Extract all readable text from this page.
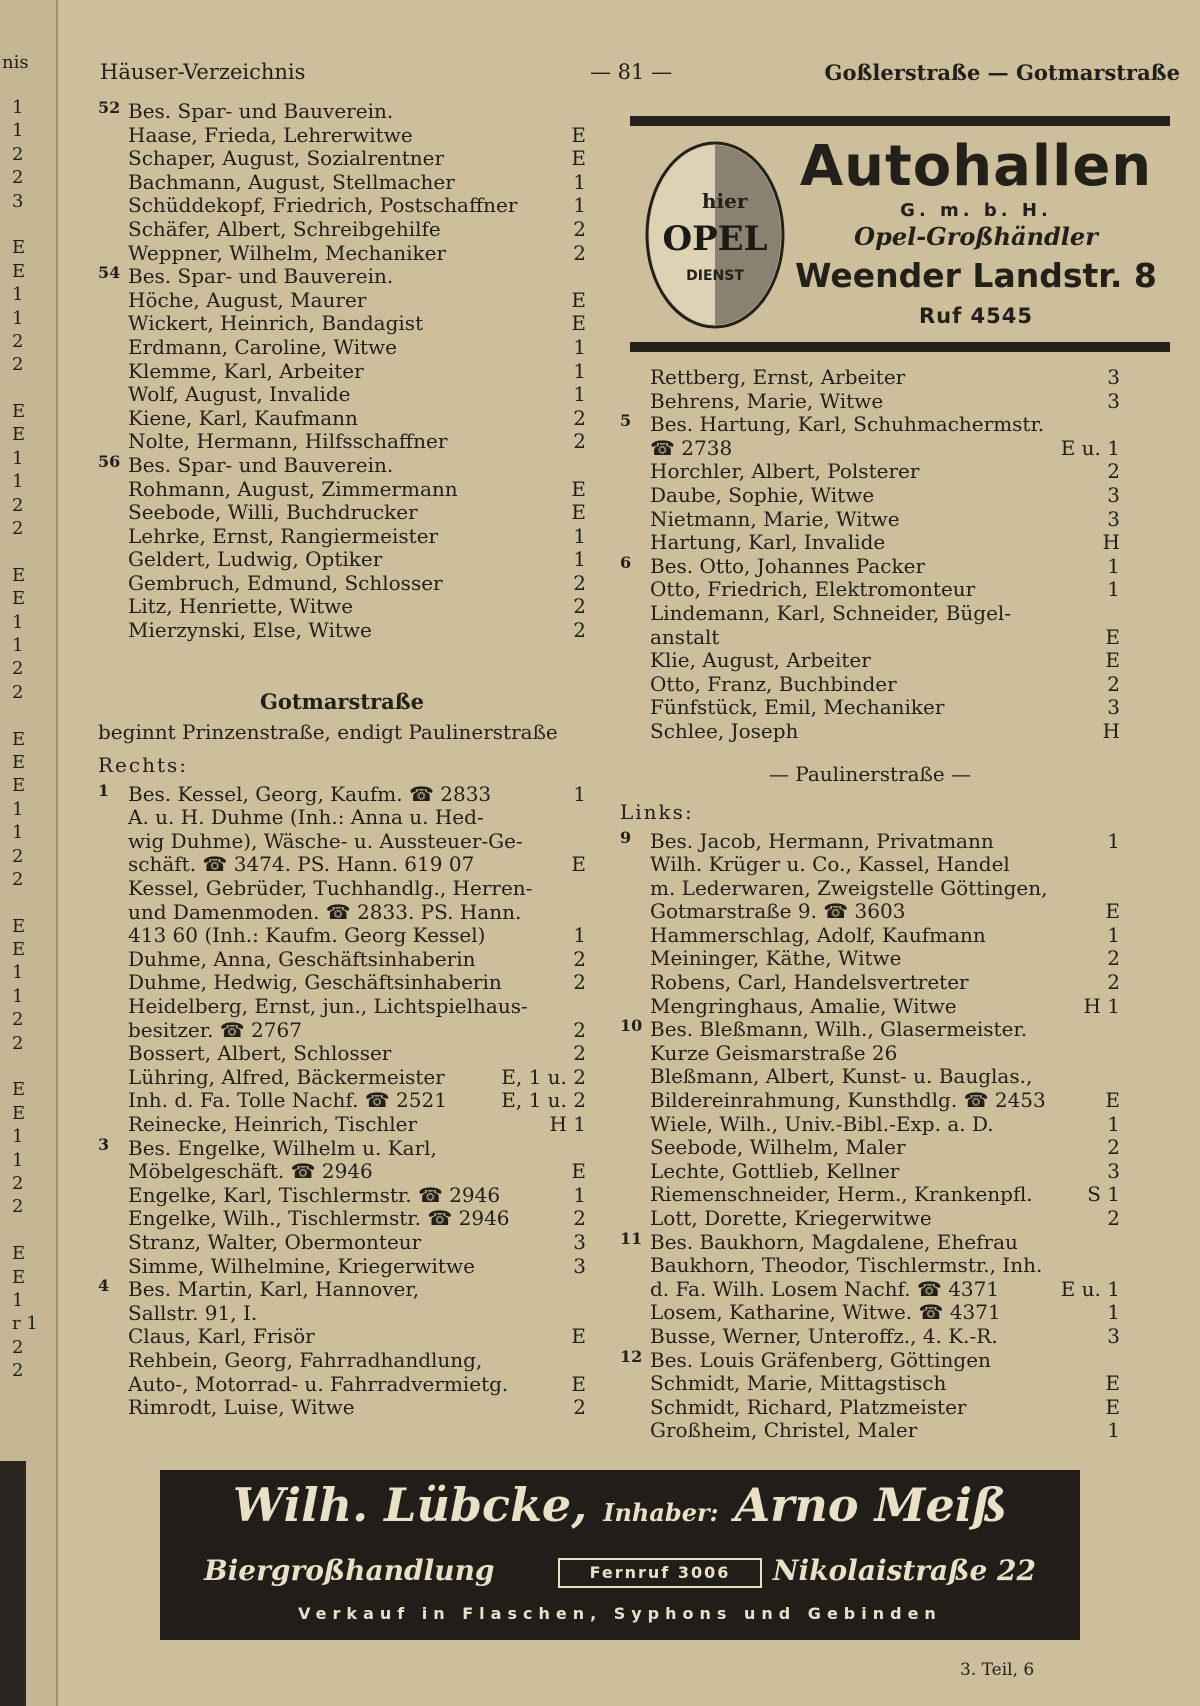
nis
1
1
2
2
3
E
E
1
1
2
2
E
E
1
1
2
2
E
E
1
1
2
2
E
E
E
1
1
2
2
E
E
1
1
2
2
E
E
1
1
2
2
E
E
1
r 1
2
2
Häuser-Verzeichnis	— 81 —	Goßlerstraße — Gotmarstraße
52 Bes. Spar- und Bauverein.
Haase, Frieda, Lehrerwitwe	E
Schaper, August, Sozialrentner	E
Bachmann, August, Stellmacher	1
Schüddekopf, Friedrich, Postschaffner	1
Schäfer, Albert, Schreibgehilfe	2
Weppner, Wilhelm, Mechaniker	2
54 Bes. Spar- und Bauverein.
Höche, August, Maurer	E
Wickert, Heinrich, Bandagist	E
Erdmann, Caroline, Witwe	1
Klemme, Karl, Arbeiter	1
Wolf, August, Invalide	1
Kiene, Karl, Kaufmann	2
Nolte, Hermann, Hilfsschaffner	2
56 Bes. Spar- und Bauverein.
Rohmann, August, Zimmermann	E
Seebode, Willi, Buchdrucker	E
Lehrke, Ernst, Rangiermeister	1
Geldert, Ludwig, Optiker	1
Gembruch, Edmund, Schlosser	2
Litz, Henriette, Witwe	2
Mierzynski, Else, Witwe	2
Gotmarstraße
beginnt Prinzenstraße, endigt Paulinerstraße
Rechts:
1 Bes. Kessel, Georg, Kaufm. ☎ 2833	1
A. u. H. Duhme (Inh.: Anna u. Hed-
wig Duhme), Wäsche- u. Aussteuer-Ge-
schäft. ☎ 3474. PS. Hann. 619 07	E
Kessel, Gebrüder, Tuchhandlg., Herren-
und Damenmoden. ☎ 2833. PS. Hann.
413 60 (Inh.: Kaufm. Georg Kessel)	1
Duhme, Anna, Geschäftsinhaberin	2
Duhme, Hedwig, Geschäftsinhaberin	2
Heidelberg, Ernst, jun., Lichtspielhaus-
besitzer. ☎ 2767	2
Bossert, Albert, Schlosser	2
Lühring, Alfred, Bäckermeister	E, 1 u. 2
Inh. d. Fa. Tolle Nachf. ☎ 2521	E, 1 u. 2
Reinecke, Heinrich, Tischler	H 1
3 Bes. Engelke, Wilhelm u. Karl,
Möbelgeschäft. ☎ 2946	E
Engelke, Karl, Tischlermstr. ☎ 2946	1
Engelke, Wilh., Tischlermstr. ☎ 2946	2
Stranz, Walter, Obermonteur	3
Simme, Wilhelmine, Kriegerwitwe	3
4 Bes. Martin, Karl, Hannover,
Sallstr. 91, I.
Claus, Karl, Frisör	E
Rehbein, Georg, Fahrradhandlung,
Auto-, Motorrad- u. Fahrradvermietg.	E
Rimrodt, Luise, Witwe	2
hier
OPEL
DIENST
Autohallen
G. m. b. H.
Opel-Großhändler
Weender Landstr. 8
Ruf 4545
Rettberg, Ernst, Arbeiter	3
Behrens, Marie, Witwe	3
5 Bes. Hartung, Karl, Schuhmachermstr.
☎ 2738	E u. 1
Horchler, Albert, Polsterer	2
Daube, Sophie, Witwe	3
Nietmann, Marie, Witwe	3
Hartung, Karl, Invalide	H
6 Bes. Otto, Johannes Packer	1
Otto, Friedrich, Elektromonteur	1
Lindemann, Karl, Schneider, Bügel-
anstalt	E
Klie, August, Arbeiter	E
Otto, Franz, Buchbinder	2
Fünfstück, Emil, Mechaniker	3
Schlee, Joseph	H
— Paulinerstraße —
Links:
9 Bes. Jacob, Hermann, Privatmann	1
Wilh. Krüger u. Co., Kassel, Handel
m. Lederwaren, Zweigstelle Göttingen,
Gotmarstraße 9. ☎ 3603	E
Hammerschlag, Adolf, Kaufmann	1
Meininger, Käthe, Witwe	2
Robens, Carl, Handelsvertreter	2
Mengringhaus, Amalie, Witwe	H 1
10 Bes. Bleßmann, Wilh., Glasermeister.
Kurze Geismarstraße 26
Bleßmann, Albert, Kunst- u. Bauglas.,
Bildereinrahmung, Kunsthdlg. ☎ 2453	E
Wiele, Wilh., Univ.-Bibl.-Exp. a. D.	1
Seebode, Wilhelm, Maler	2
Lechte, Gottlieb, Kellner	3
Riemenschneider, Herm., Krankenpfl.	S 1
Lott, Dorette, Kriegerwitwe	2
11 Bes. Baukhorn, Magdalene, Ehefrau
Baukhorn, Theodor, Tischlermstr., Inh.
d. Fa. Wilh. Losem Nachf. ☎ 4371	E u. 1
Losem, Katharine, Witwe. ☎ 4371	1
Busse, Werner, Unteroffz., 4. K.-R.	3
12 Bes. Louis Gräfenberg, Göttingen
Schmidt, Marie, Mittagstisch	E
Schmidt, Richard, Platzmeister	E
Großheim, Christel, Maler	1
Wilh. Lübcke, Inhaber: Arno Meiß
Biergroßhandlung	Fernruf 3006	Nikolaistraße 22
Verkauf in Flaschen, Syphons und Gebinden
3. Teil, 6
